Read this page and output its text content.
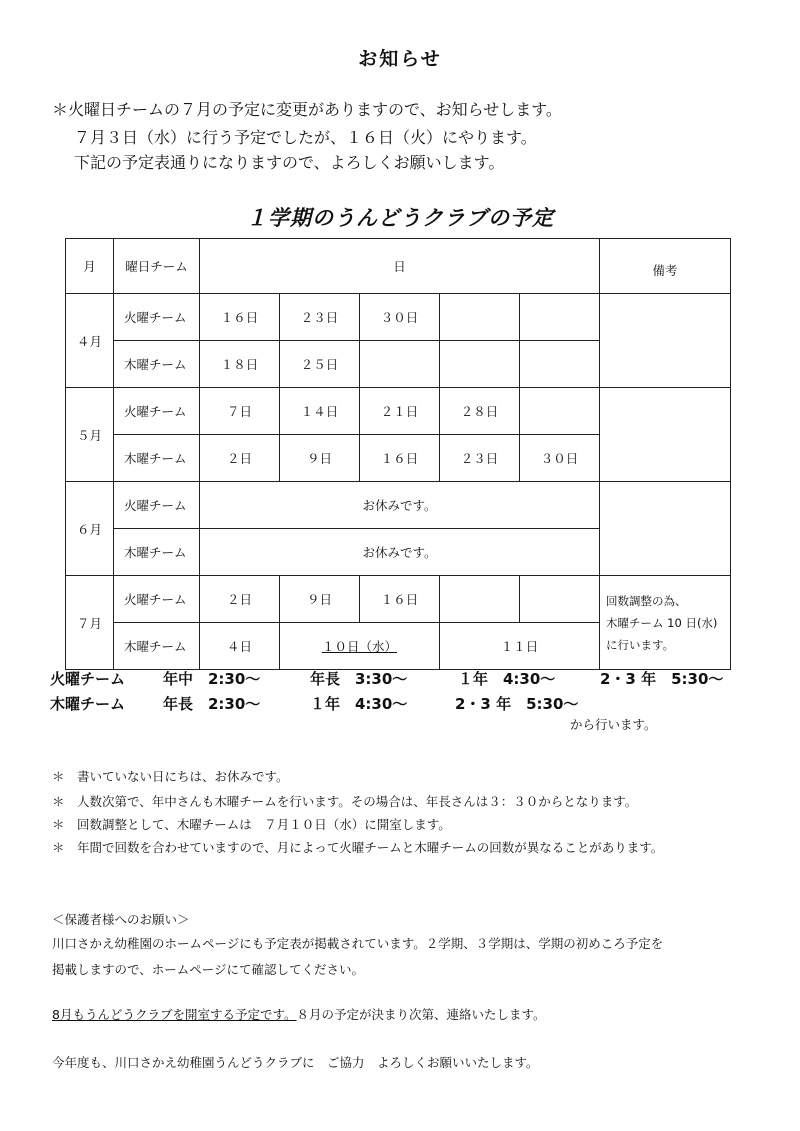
お知らせ
＊火曜日チームの７月の予定に変更がありますので、お知らせします。
７月３日（水）に行う予定でしたが、１６日（火）にやります。
下記の予定表通りになりますので、よろしくお願いします。
１学期のうんどうクラブの予定
月	曜日チーム	日					備考
４月	火曜チーム	１６日	２３日	３０日			
	木曜チーム	１８日	２５日				
５月	火曜チーム	７日	１４日	２１日	２８日		
	木曜チーム	２日	９日	１６日	２３日	３０日	
６月	火曜チーム	お休みです。					
	木曜チーム	お休みです。					
７月	火曜チーム	２日	９日	１６日			回数調整の為、
木曜チーム 10 日(水)
に行います。

	木曜チーム	４日	１０日（水）		１１日		
火曜チーム	年中　2:30～	年長　3:30～	１年　4:30～	2・3 年　5:30～
木曜チーム	年長　2:30～	１年　4:30～	2・3 年　5:30～
から行います。
＊　書いていない日にちは、お休みです。
＊　人数次第で、年中さんも木曜チームを行います。その場合は、年長さんは３：３０からとなります。
＊　回数調整として、木曜チームは　７月１０日（水）に開室します。
＊　年間で回数を合わせていますので、月によって火曜チームと木曜チームの回数が異なることがあります。
＜保護者様へのお願い＞
川口さかえ幼稚園のホームページにも予定表が掲載されています。２学期、３学期は、学期の初めころ予定を
掲載しますので、ホームページにて確認してください。
8月もうんどうクラブを開室する予定です。８月の予定が決まり次第、連絡いたします。
今年度も、川口さかえ幼稚園うんどうクラブに　ご協力　よろしくお願いいたします。
